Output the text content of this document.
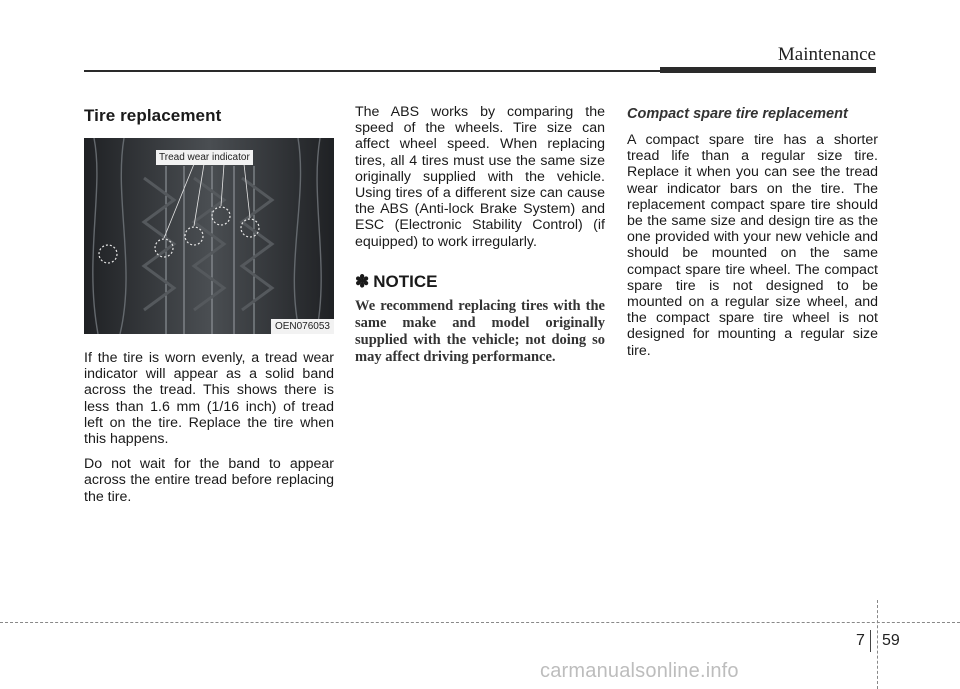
Maintenance
Tire replacement
Tread wear indicator
OEN076053

If the tire is worn evenly, a tread wear indicator will appear as a solid band across the tread. This shows there is less than 1.6 mm (1/16 inch) of tread left on the tire. Replace the tire when this happens.

Do not wait for the band to appear across the entire tread before replacing the tire.

The ABS works by comparing the speed of the wheels. Tire size can affect wheel speed. When replacing tires, all 4 tires must use the same size originally supplied with the vehicle. Using tires of a different size can cause the ABS (Anti-lock Brake System) and ESC (Electronic Stability Control) (if equipped) to work irregularly.

✽ NOTICE

We recommend replacing tires with the same make and model originally supplied with the vehicle; not doing so may affect driving performance.

Compact spare tire replacement

A compact spare tire has a shorter tread life than a regular size tire. Replace it when you can see the tread wear indicator bars on the tire. The replacement compact spare tire should be the same size and design tire as the one provided with your new vehicle and should be mounted on the same compact spare tire wheel. The compact spare tire is not designed to be mounted on a regular size wheel, and the compact spare tire wheel is not designed for mounting a regular size tire.

7 59
carmanualsonline.info
